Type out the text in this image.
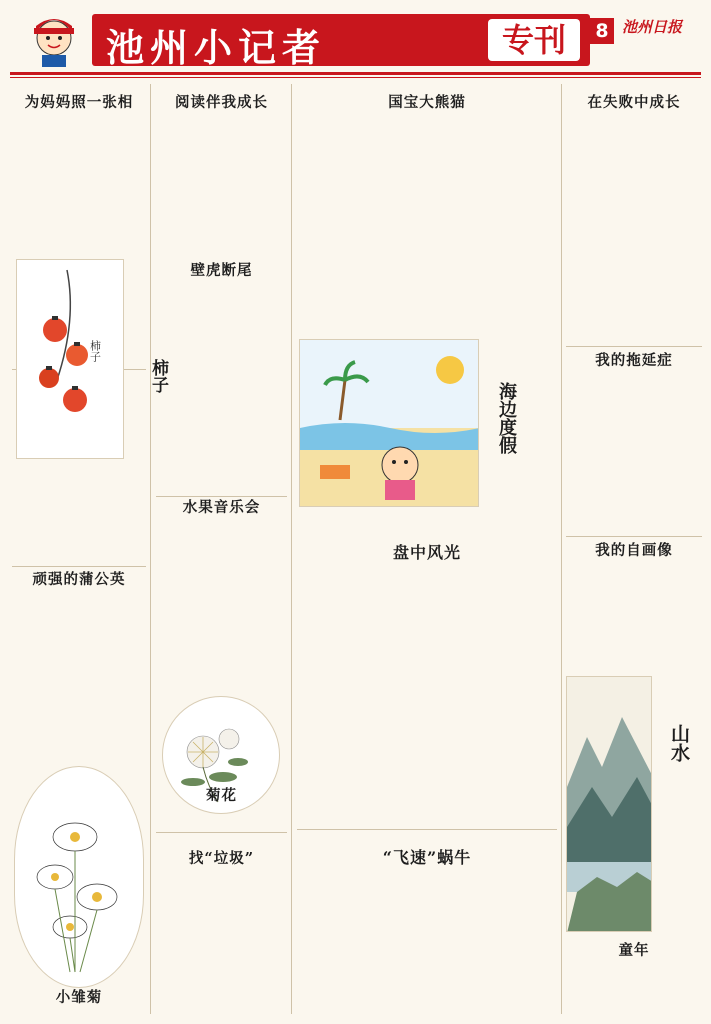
池州小记者	专刊	8 池州日报
为妈妈照一张相

顽强的蒲公英

小雏菊
阅读伴我成长

柿子
柿子
壁虎断尾

水果音乐会

菊花
找“垃圾”

国宝大熊猫

海边度假
盘中风光

“飞速”蜗牛

在失败中成长

我的拖延症

我的自画像

山水
童年
